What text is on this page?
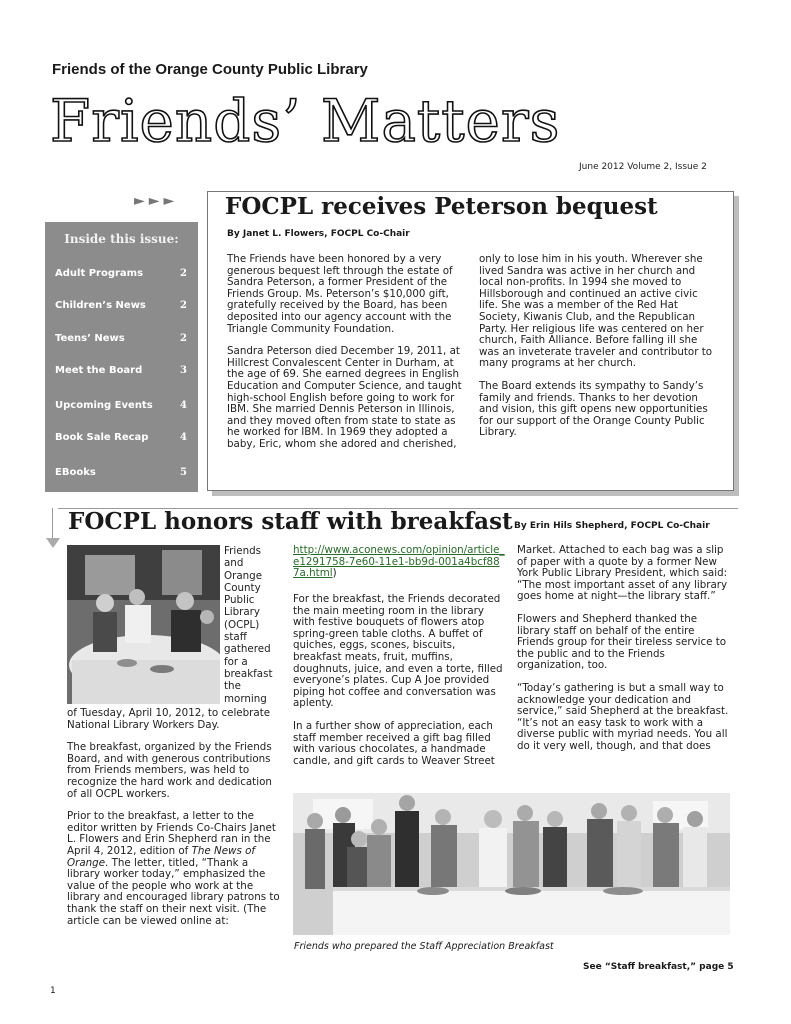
Friends of the Orange County Public Library
Friends’ Matters
June 2012 Volume 2, Issue 2
►►►
Inside this issue:
Adult Programs	2
Children’s News	2
Teens’ News	2
Meet the Board	3
Upcoming Events	4
Book Sale Recap	4
EBooks	5
FOCPL receives Peterson bequest
By Janet L. Flowers, FOCPL Co-Chair

The Friends have been honored by a very generous bequest left through the estate of Sandra Peterson, a former President of the Friends Group. Ms. Peterson’s $10,000 gift, gratefully received by the Board, has been deposited into our agency account with the Triangle Community Foundation.

Sandra Peterson died December 19, 2011, at Hillcrest Convalescent Center in Durham, at the age of 69. She earned degrees in English Education and Computer Science, and taught high-school English before going to work for IBM. She married Dennis Peterson in Illinois, and they moved often from state to state as he worked for IBM. In 1969 they adopted a baby, Eric, whom she adored and cherished,

only to lose him in his youth. Wherever she lived Sandra was active in her church and local non-profits. In 1994 she moved to Hillsborough and continued an active civic life. She was a member of the Red Hat Society, Kiwanis Club, and the Republican Party. Her religious life was centered on her church, Faith Alliance. Before falling ill she was an inveterate traveler and contributor to many programs at her church.

The Board extends its sympathy to Sandy’s family and friends. Thanks to her devotion and vision, this gift opens new opportunities for our support of the Orange County Public Library.

FOCPL honors staff with breakfast By Erin Hils Shepherd, FOCPL Co-Chair
Friends
and
Orange
County
Public
Library
(OCPL)
staff
gathered
for a
breakfast
the
morning

of Tuesday, April 10, 2012, to celebrate National Library Workers Day.

The breakfast, organized by the Friends Board, and with generous contributions from Friends members, was held to recognize the hard work and dedication of all OCPL workers.

Prior to the breakfast, a letter to the editor written by Friends Co-Chairs Janet L. Flowers and Erin Shepherd ran in the April 4, 2012, edition of The News of Orange. The letter, titled, “Thank a library worker today,” emphasized the value of the people who work at the library and encouraged library patrons to thank the staff on their next visit. (The article can be viewed online at:

http://www.aconews.com/opinion/article_e1291758-7e60-11e1-bb9d-001a4bcf887a.html)

For the breakfast, the Friends decorated the main meeting room in the library with festive bouquets of flowers atop spring-green table cloths. A buffet of quiches, eggs, scones, biscuits, breakfast meats, fruit, muffins, doughnuts, juice, and even a torte, filled everyone’s plates. Cup A Joe provided piping hot coffee and conversation was aplenty.

In a further show of appreciation, each staff member received a gift bag filled with various chocolates, a handmade candle, and gift cards to Weaver Street

Market. Attached to each bag was a slip of paper with a quote by a former New York Public Library President, which said: “The most important asset of any library goes home at night—the library staff.”

Flowers and Shepherd thanked the library staff on behalf of the entire Friends group for their tireless service to the public and to the Friends organization, too.

“Today’s gathering is but a small way to acknowledge your dedication and service,” said Shepherd at the breakfast. “It’s not an easy task to work with a diverse public with myriad needs. You all do it very well, though, and that does

Friends who prepared the Staff Appreciation Breakfast
See “Staff breakfast,” page 5
1
